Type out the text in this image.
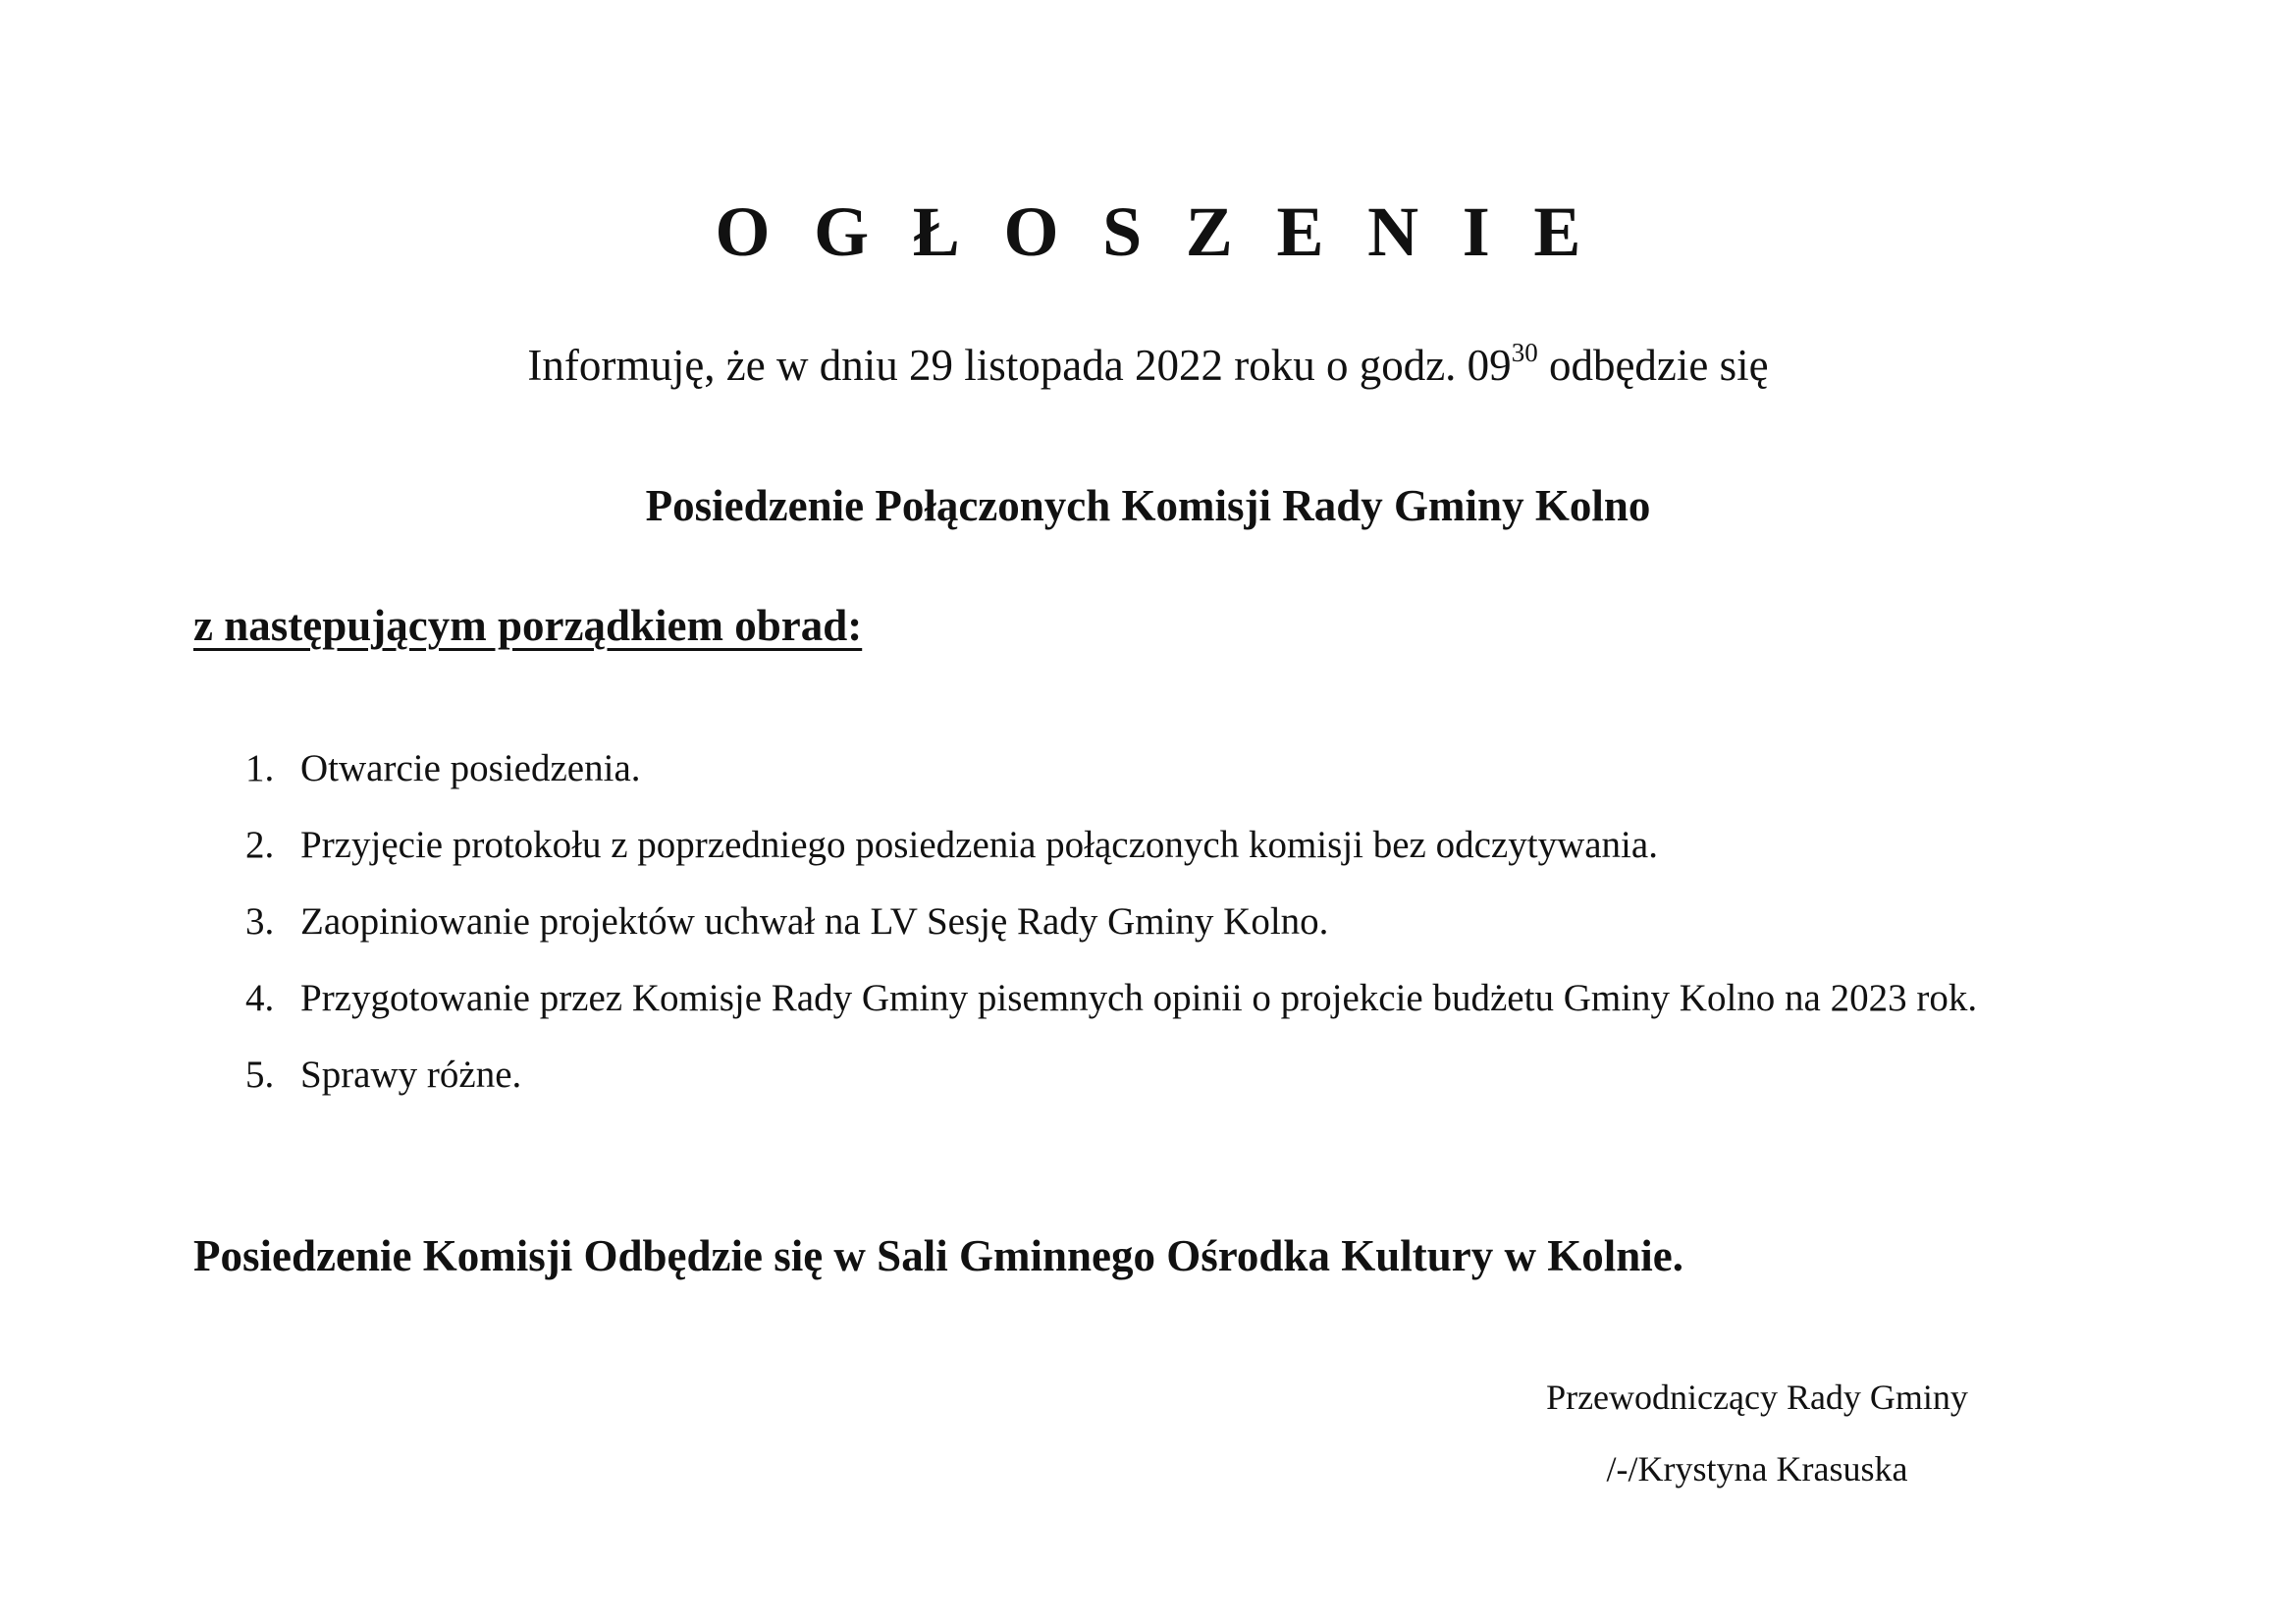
OGŁOSZENIE
Informuję, że w dniu 29 listopada 2022 roku o godz. $09^{30}$ odbędzie się
Posiedzenie Połączonych Komisji Rady Gminy Kolno
z następującym porządkiem obrad:
1. Otwarcie posiedzenia.
2. Przyjęcie protokołu z poprzedniego posiedzenia połączonych komisji bez odczytywania.
3. Zaopiniowanie projektów uchwał na LV Sesję Rady Gminy Kolno.
4. Przygotowanie przez Komisje Rady Gminy pisemnych opinii o projekcie budżetu Gminy Kolno na 2023 rok.
5. Sprawy różne.
Posiedzenie Komisji Odbędzie się w Sali Gminnego Ośrodka Kultury w Kolnie.
Przewodniczący Rady Gminy
/-/Krystyna Krasuska
